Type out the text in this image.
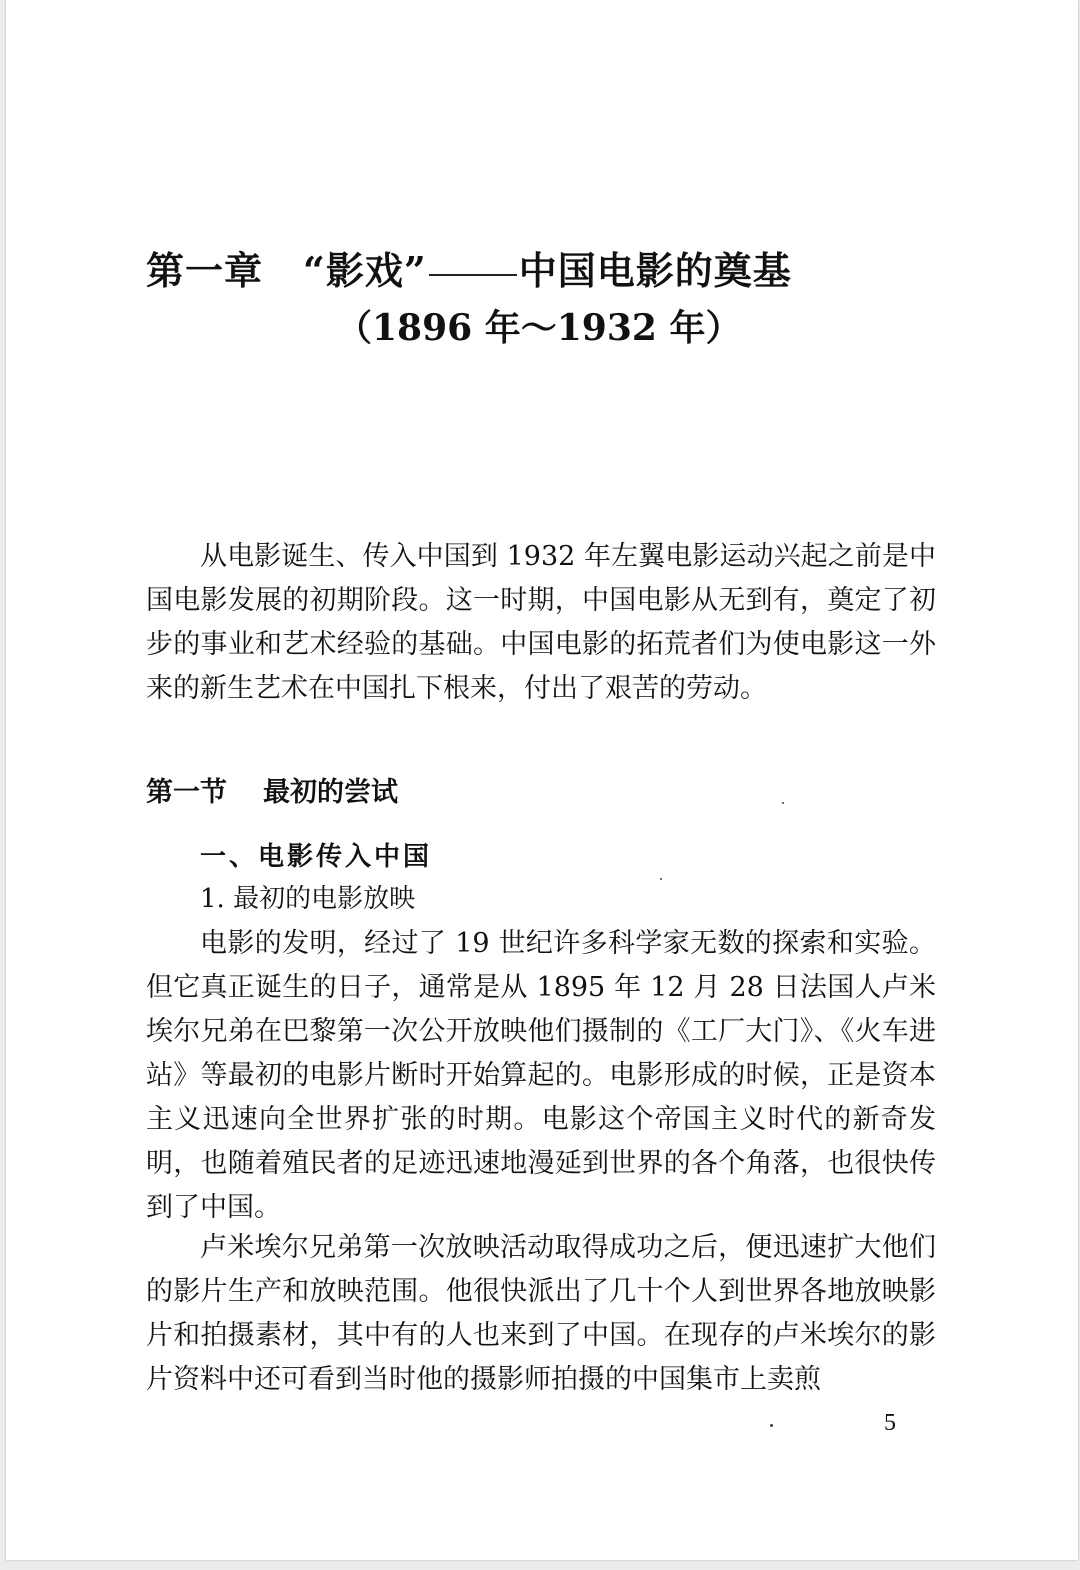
第一章 “影戏” 中国电影的奠基
（1896 年～1932 年）

从电影诞生、传入中国到 1932 年左翼电影运动兴起之前是中国电影发展的初期阶段。这一时期，中国电影从无到有，奠定了初步的事业和艺术经验的基础。中国电影的拓荒者们为使电影这一外来的新生艺术在中国扎下根来，付出了艰苦的劳动。

第一节 最初的尝试
一、电影传入中国
1. 最初的电影放映

电影的发明，经过了 19 世纪许多科学家无数的探索和实验。但它真正诞生的日子，通常是从 1895 年 12 月 28 日法国人卢米埃尔兄弟在巴黎第一次公开放映他们摄制的《工厂大门》、《火车进站》等最初的电影片断时开始算起的。电影形成的时候，正是资本主义迅速向全世界扩张的时期。电影这个帝国主义时代的新奇发明，也随着殖民者的足迹迅速地漫延到世界的各个角落，也很快传到了中国。

卢米埃尔兄弟第一次放映活动取得成功之后，便迅速扩大他们的影片生产和放映范围。他很快派出了几十个人到世界各地放映影片和拍摄素材，其中有的人也来到了中国。在现存的卢米埃尔的影片资料中还可看到当时他的摄影师拍摄的中国集市上卖煎

5
